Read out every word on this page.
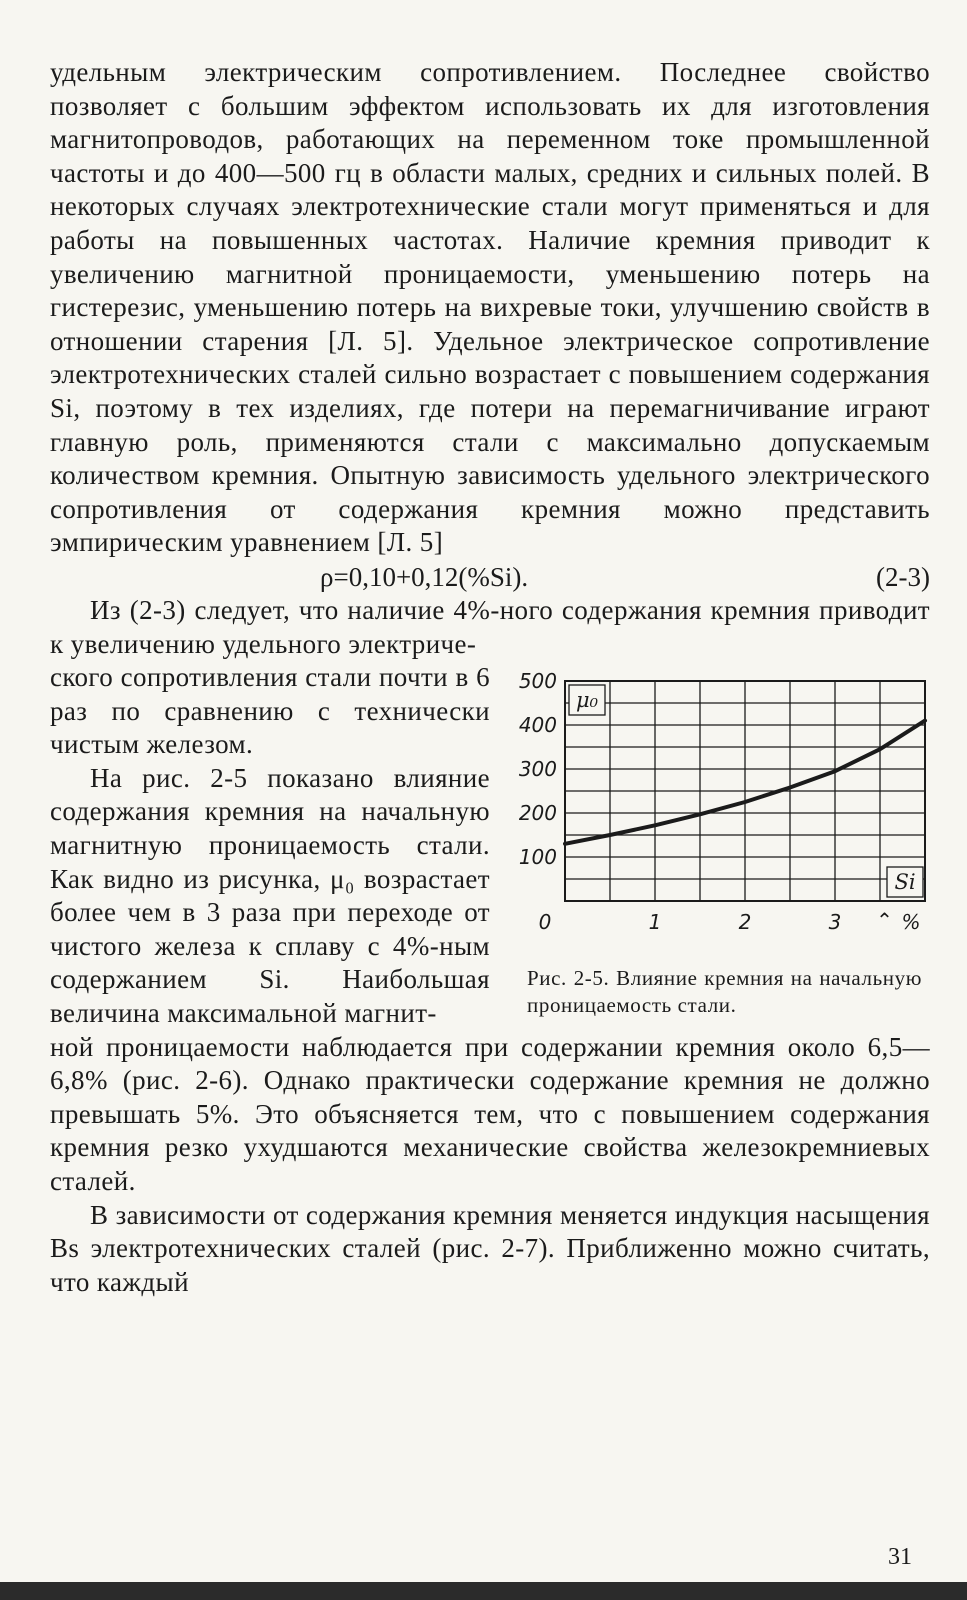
удельным электрическим сопротивлением. Последнее свойство позволяет с большим эффектом использовать их для изготовления магнитопроводов, работающих на переменном токе промышленной частоты и до 400—500 гц в области малых, средних и сильных полей. В некоторых случаях электротехнические стали могут применяться и для работы на повышенных частотах. Наличие кремния приводит к увеличению магнитной проницаемости, уменьшению потерь на гистерезис, уменьшению потерь на вихревые токи, улучшению свойств в отношении старения [Л. 5]. Удельное электрическое сопротивление электротехнических сталей сильно возрастает с повышением содержания Si, поэтому в тех изделиях, где потери на перемагничивание играют главную роль, применяются стали с максимально допускаемым количеством кремния. Опытную зависимость удельного электрического сопротивления от содержания кремния можно представить эмпирическим уравнением [Л. 5]

ρ=0,10+0,12(%Si).	(2-3)

Из (2-3) следует, что наличие 4%-ного содержания кремния приводит к увеличению удельного электриче-

100
200
300
400
500
0	1	2	3 ⌃ %
μ₀
Si
Рис. 2-5. Влияние кремния на начальную проницаемость стали.

ского сопротивления стали почти в 6 раз по сравнению с технически чистым железом.

На рис. 2-5 показано влияние содержания кремния на начальную магнитную проницаемость стали. Как видно из рисунка, μ₀ возрастает более чем в 3 раза при переходе от чистого железа к сплаву с 4%-ным содержанием Si. Наибольшая величина максимальной магнит-

ной проницаемости наблюдается при содержании кремния около 6,5—6,8% (рис. 2-6). Однако практически содержание кремния не должно превышать 5%. Это объясняется тем, что с повышением содержания кремния резко ухудшаются механические свойства железокремниевых сталей.

В зависимости от содержания кремния меняется индукция насыщения Bs электротехнических сталей (рис. 2-7). Приближенно можно считать, что каждый

31
